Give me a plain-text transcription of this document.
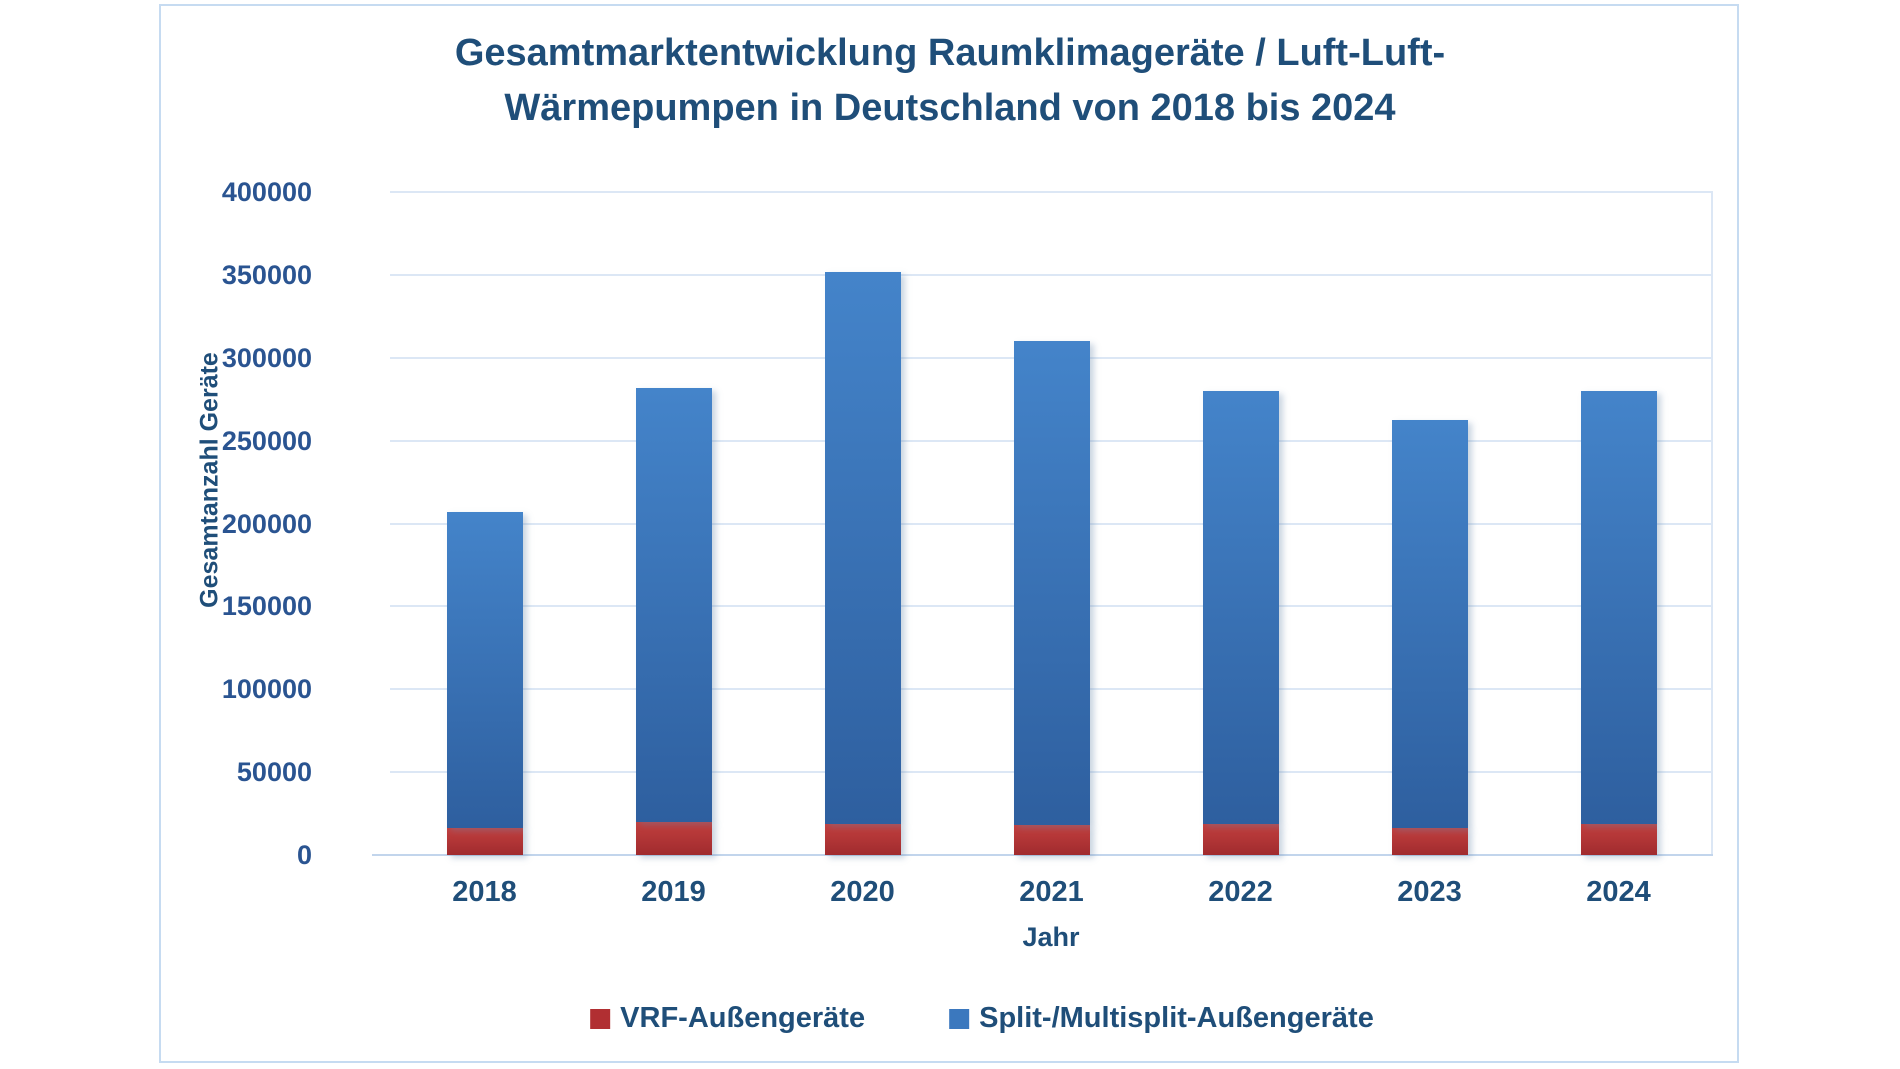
Gesamtmarktentwicklung Raumklimageräte / Luft-Luft-
Wärmepumpen in Deutschland von 2018 bis 2024
Gesamtanzahl Geräte
Jahr
VRF-Außengeräte	Split-/Multisplit-Außengeräte
0
50000
100000
150000
200000
250000
300000
350000
400000
2018	2019	2020	2021	2022	2023	2024
